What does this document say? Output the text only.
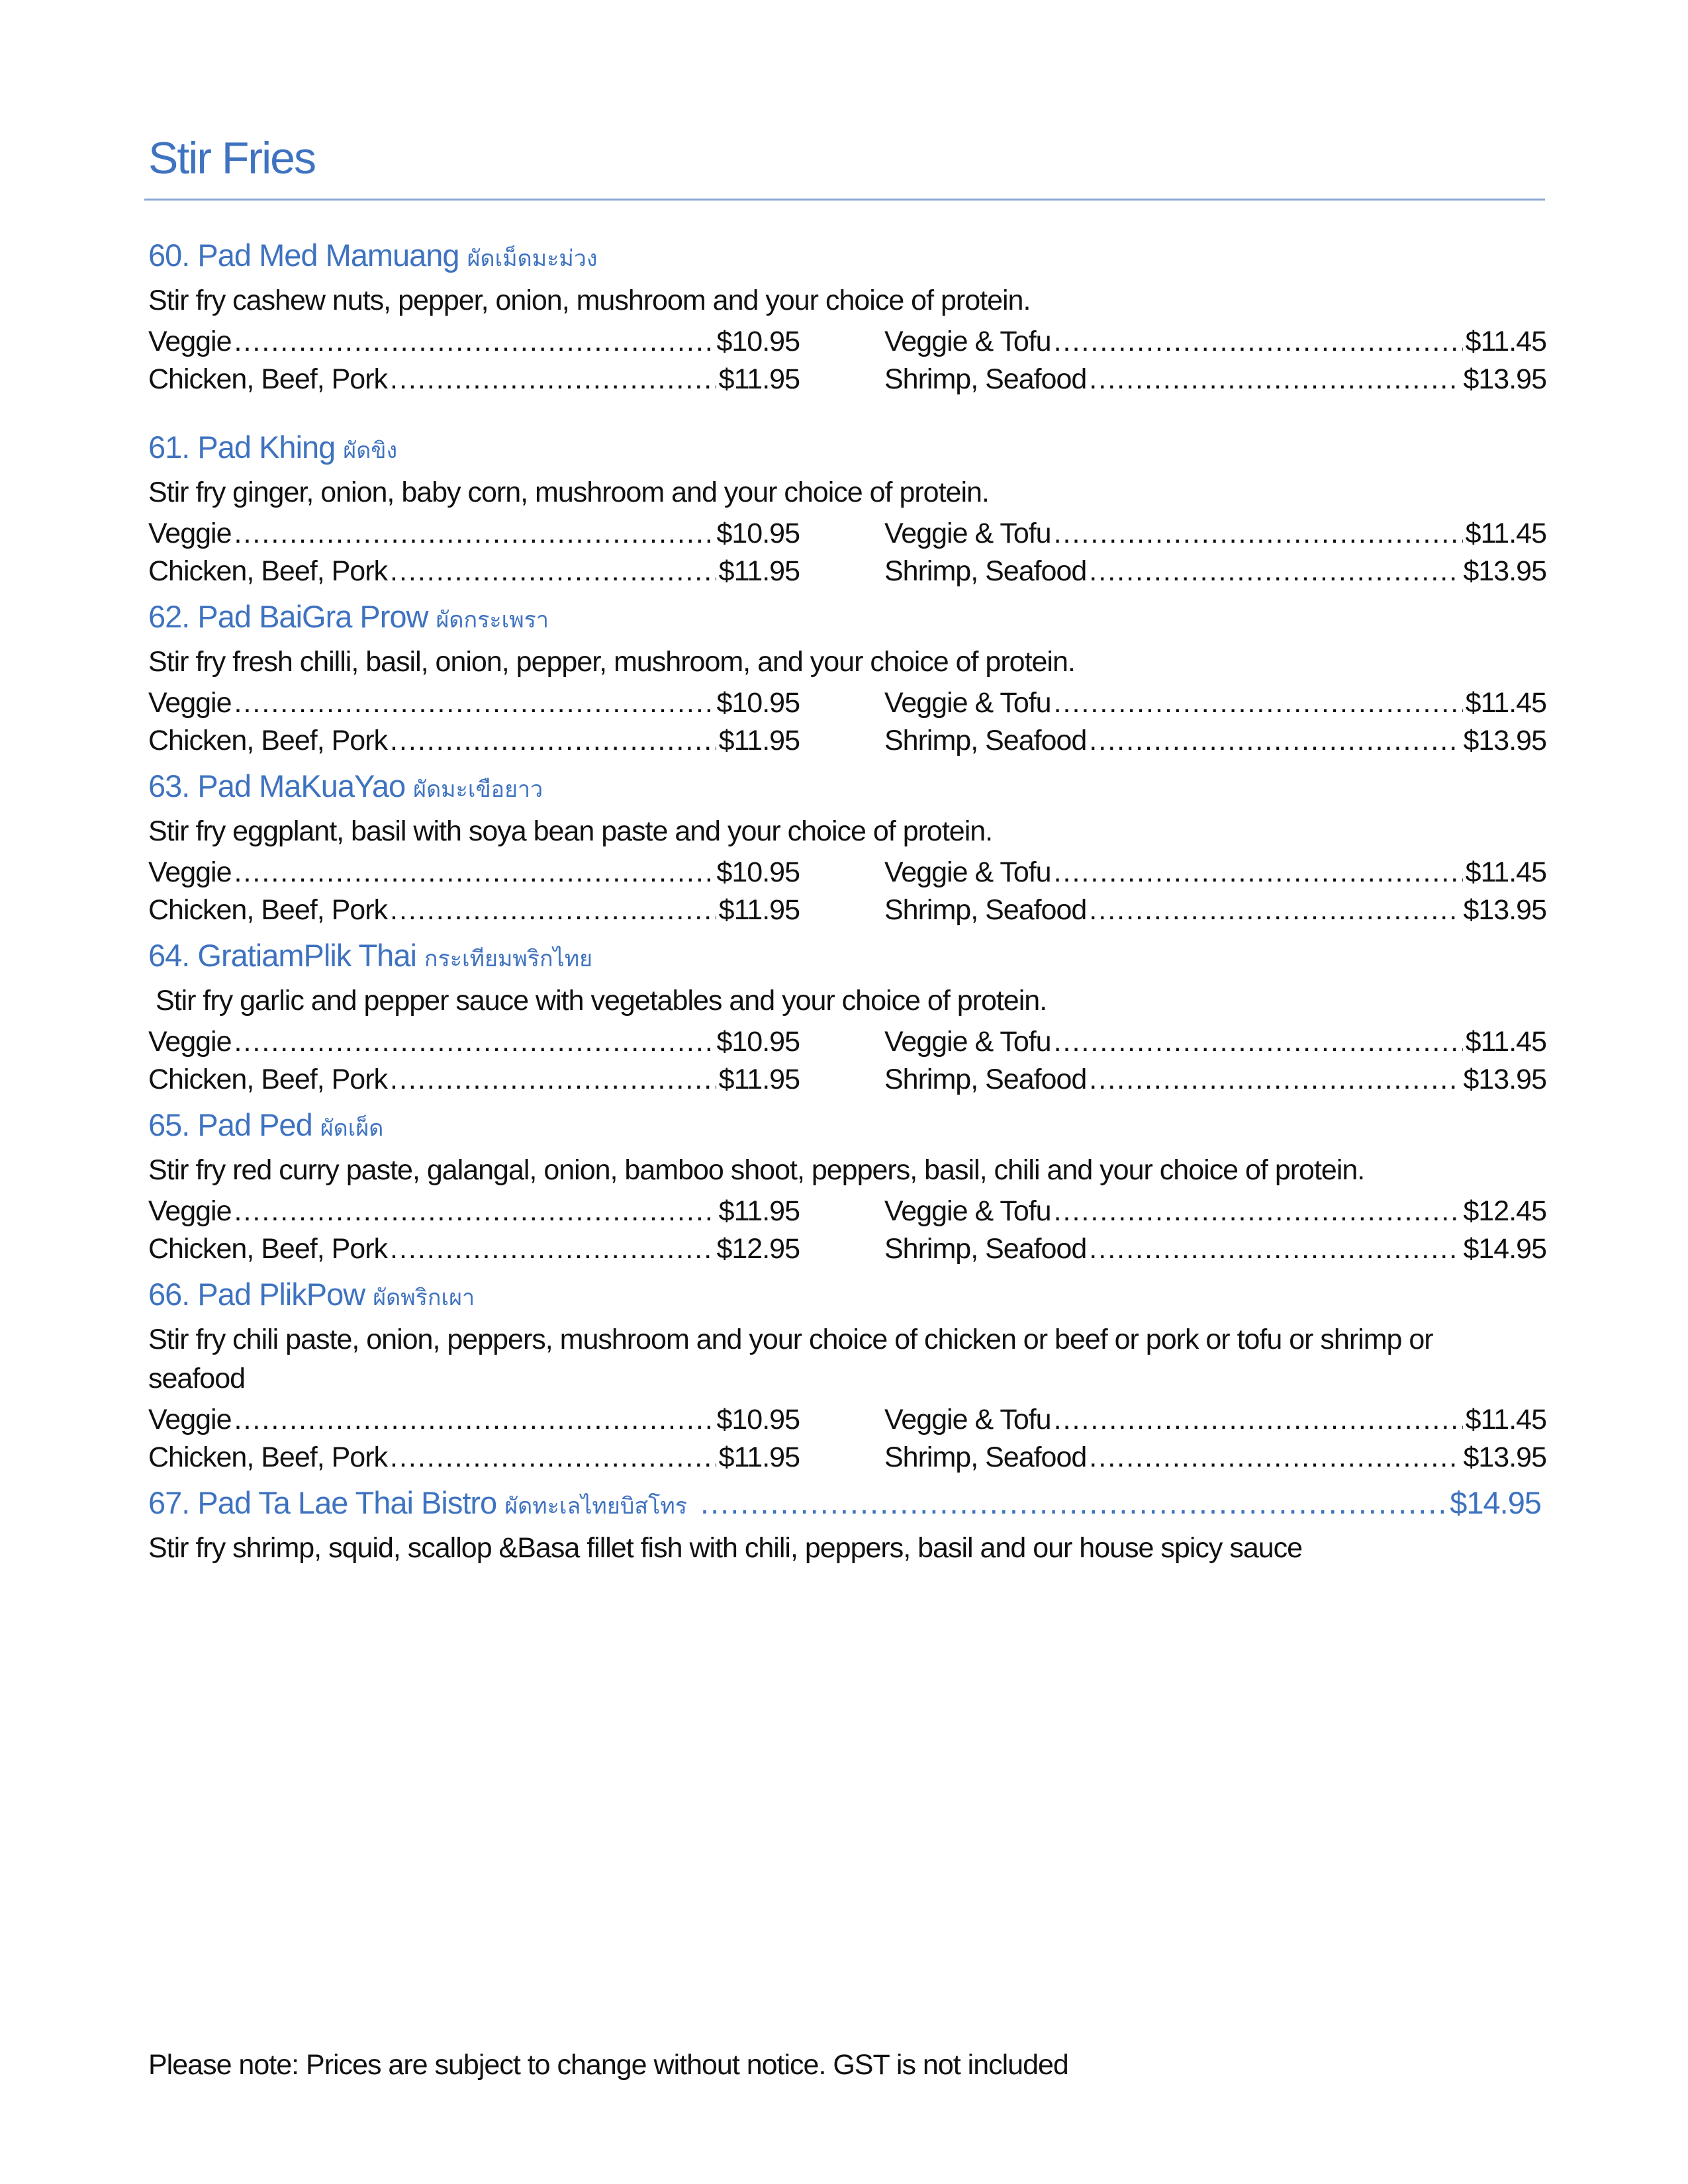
Stir Fries
60. Pad Med Mamuang ผัดเม็ดมะม่วง
Stir fry cashew nuts, pepper, onion, mushroom and your choice of protein.
Veggie .....	$10.95	Veggie & Tofu .....	$11.45
Chicken, Beef, Pork .....	$11.95	Shrimp, Seafood .....	$13.95
61. Pad Khing ผัดขิง
Stir fry ginger, onion, baby corn, mushroom and your choice of protein.
Veggie .....	$10.95	Veggie & Tofu .....	$11.45
Chicken, Beef, Pork .....	$11.95	Shrimp, Seafood .....	$13.95
62. Pad BaiGra Prow ผัดกระเพรา
Stir fry fresh chilli, basil, onion, pepper, mushroom, and your choice of protein.
Veggie .....	$10.95	Veggie & Tofu .....	$11.45
Chicken, Beef, Pork .....	$11.95	Shrimp, Seafood .....	$13.95
63. Pad MaKuaYao ผัดมะเขือยาว
Stir fry eggplant, basil with soya bean paste and your choice of protein.
Veggie .....	$10.95	Veggie & Tofu .....	$11.45
Chicken, Beef, Pork .....	$11.95	Shrimp, Seafood .....	$13.95
64. GratiamPlik Thai กระเทียมพริกไทย
Stir fry garlic and pepper sauce with vegetables and your choice of protein.
Veggie .....	$10.95	Veggie & Tofu .....	$11.45
Chicken, Beef, Pork .....	$11.95	Shrimp, Seafood .....	$13.95
65. Pad Ped ผัดเผ็ด
Stir fry red curry paste, galangal, onion, bamboo shoot, peppers, basil, chili and your choice of protein.
Veggie .....	$11.95	Veggie & Tofu .....	$12.45
Chicken, Beef, Pork .....	$12.95	Shrimp, Seafood .....	$14.95
66. Pad PlikPow ผัดพริกเผา
Stir fry chili paste, onion, peppers, mushroom and your choice of chicken or beef or pork or tofu or shrimp or seafood
Veggie .....	$10.95	Veggie & Tofu .....	$11.45
Chicken, Beef, Pork .....	$11.95	Shrimp, Seafood .....	$13.95
67. Pad Ta Lae Thai Bistro ผัดทะเลไทยบิสโทร .....	$14.95
Stir fry shrimp, squid, scallop &Basa fillet fish with chili, peppers, basil and our house spicy sauce
Please note: Prices are subject to change without notice. GST is not included
